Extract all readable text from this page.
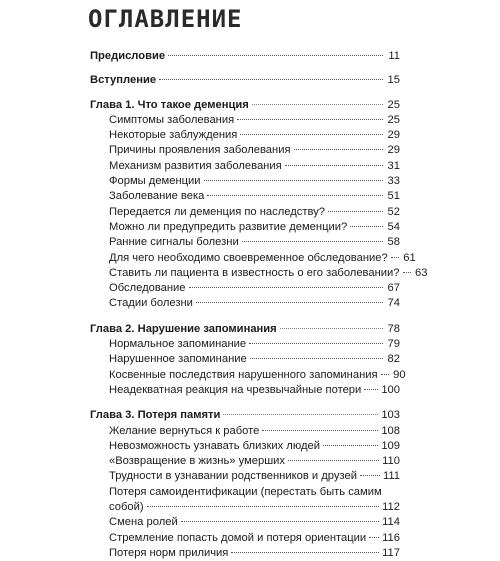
ОГЛАВЛЕНИЕ
Предисловие	11
Вступление	15
Глава 1. Что такое деменция	25
Симптомы заболевания	25
Некоторые заблуждения	29
Причины проявления заболевания	29
Механизм развития заболевания	31
Формы деменции	33
Заболевание века	51
Передается ли деменция по наследству?	52
Можно ли предупредить развитие деменции?	54
Ранние сигналы болезни	58
Для чего необходимо своевременное обследование? 61
Ставить ли пациента в известность о его заболевании? 63
Обследование	67
Стадии болезни	74
Глава 2. Нарушение запоминания	78
Нормальное запоминание	79
Нарушенное запоминание	82
Косвенные последствия нарушенного запоминания 90
Неадекватная реакция на чрезвычайные потери 100
Глава 3. Потеря памяти	103
Желание вернуться к работе	108
Невозможность узнавать близких людей	109
«Возвращение в жизнь» умерших	110
Трудности в узнавании родственников и друзей 111
Потеря самоидентификации (перестать быть самим
собой)	112
Смена ролей	114
Стремление попасть домой и потеря ориентации 116
Потеря норм приличия	117
